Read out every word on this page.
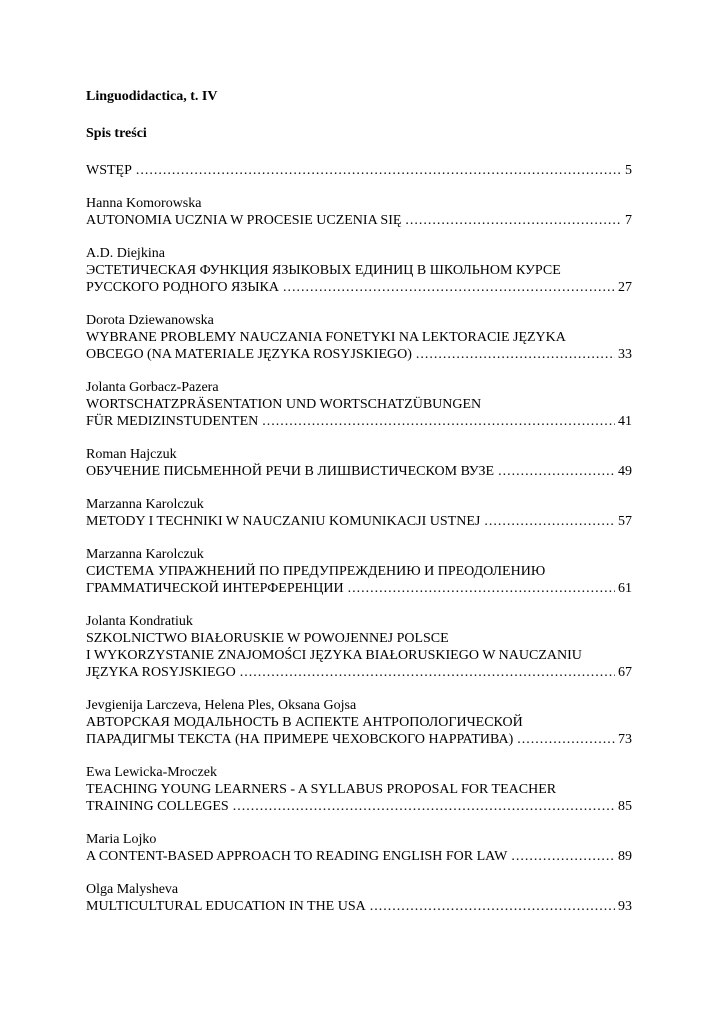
Linguodidactica, t. IV
Spis treści
WSTĘP .....	5
Hanna Komorowska
AUTONOMIA UCZNIA W PROCESIE UCZENIA SIĘ .....	7
A.D. Diejkina
ЭСТЕТИЧЕСКАЯ ФУНКЦИЯ ЯЗЫКОВЫХ ЕДИНИЦ В ШКОЛЬНОМ КУРСЕ
РУССКОГО РОДНОГО ЯЗЫКА .....	27
Dorota Dziewanowska
WYBRANE PROBLEMY NAUCZANIA FONETYKI NA LEKTORACIE JĘZYKA
OBCEGO (NA MATERIALE JĘZYKA ROSYJSKIEGO) .....	33
Jolanta Gorbacz-Pazera
WORTSCHATZPRÄSENTATION UND WORTSCHATZÜBUNGEN
FÜR MEDIZINSTUDENTEN .....	41
Roman Hajczuk
ОБУЧЕНИЕ ПИСЬМЕННОЙ РЕЧИ В ЛИШВИСТИЧЕСКОМ ВУЗЕ .....	49
Marzanna Karolczuk
METODY I TECHNIKI W NAUCZANIU KOMUNIKACJI USTNEJ .....	57
Marzanna Karolczuk
СИСТЕМА УПРАЖНЕНИЙ ПО ПРЕДУПРЕЖДЕНИЮ И ПРЕОДОЛЕНИЮ
ГРАММАТИЧЕСКОЙ ИНТЕРФЕРЕНЦИИ .....	61
Jolanta Kondratiuk
SZKOLNICTWO BIAŁORUSKIE W POWOJENNEJ POLSCE
I WYKORZYSTANIE ZNAJOMOŚCI JĘZYKA BIAŁORUSKIEGO W NAUCZANIU
JĘZYKA ROSYJSKIEGO .....	67
Jevgienija Larczeva, Helena Ples, Oksana Gojsa
АВТОРСКАЯ МОДАЛЬНОСТЬ В АСПЕКТЕ АНТРОПОЛОГИЧЕСКОЙ
ПАРАДИГМЫ ТЕКСТА (НА ПРИМЕРЕ ЧЕХОВСКОГО НАРРАТИВА) .....	73
Ewa Lewicka-Mroczek
TEACHING YOUNG LEARNERS - A SYLLABUS PROPOSAL FOR TEACHER
TRAINING COLLEGES .....	85
Maria Lojko
A CONTENT-BASED APPROACH TO READING ENGLISH FOR LAW .....	89
Olga Malysheva
MULTICULTURAL EDUCATION IN THE USA .....	93
